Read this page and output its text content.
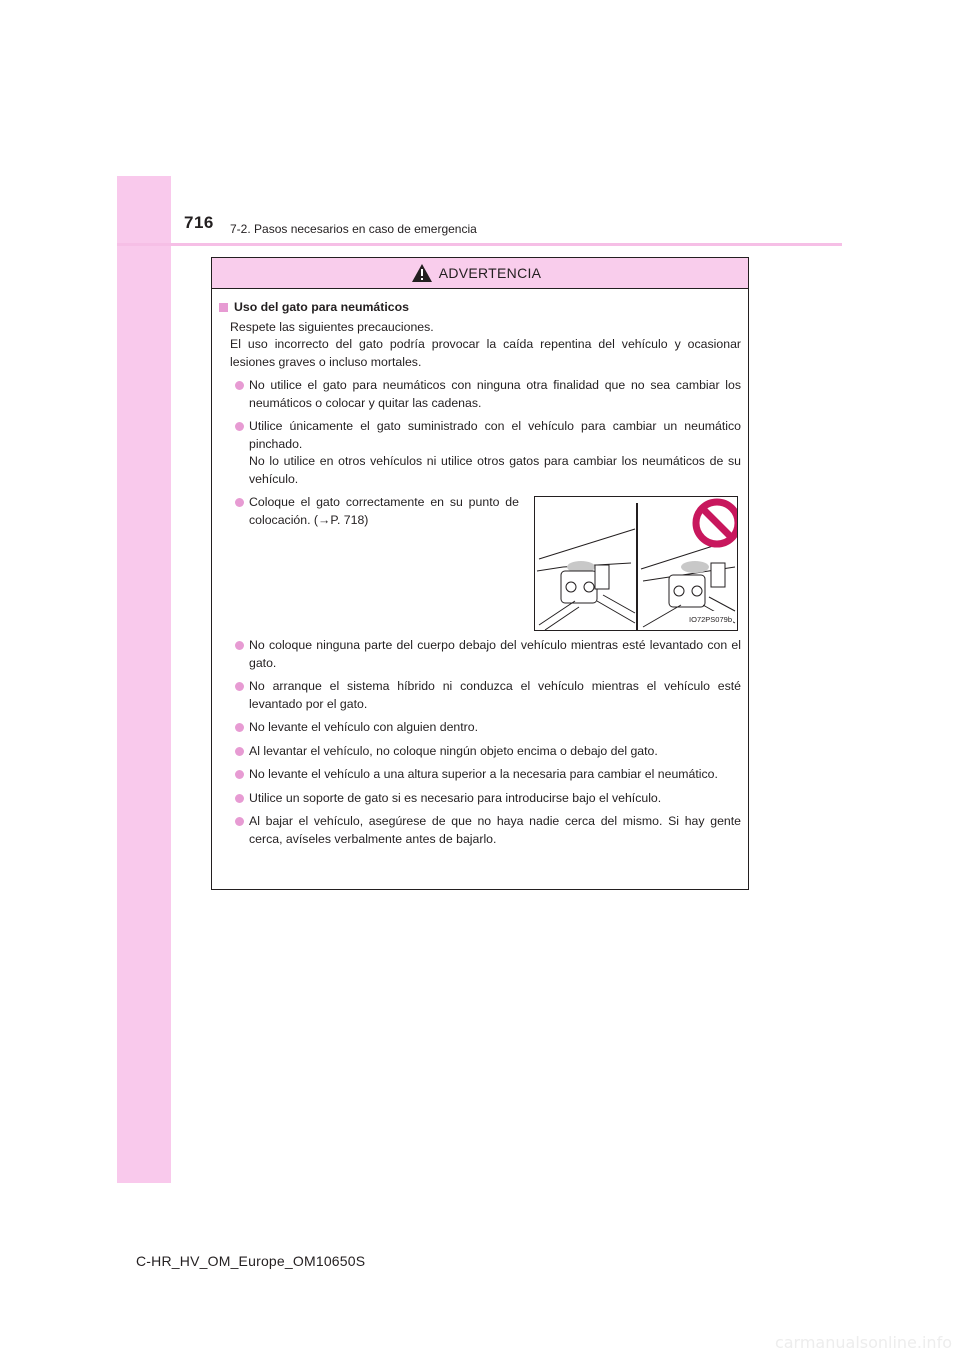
716 7-2. Pasos necesarios en caso de emergencia
ADVERTENCIA
Uso del gato para neumáticos
Respete las siguientes precauciones.
El uso incorrecto del gato podría provocar la caída repentina del vehículo y ocasionar lesiones graves o incluso mortales.
No utilice el gato para neumáticos con ninguna otra finalidad que no sea cambiar los neumáticos o colocar y quitar las cadenas.
Utilice únicamente el gato suministrado con el vehículo para cambiar un neumático pinchado.
No lo utilice en otros vehículos ni utilice otros gatos para cambiar los neumáticos de su vehículo.
Coloque el gato correctamente en su punto de colocación. (→P. 718)
IO72PS079b
No coloque ninguna parte del cuerpo debajo del vehículo mientras esté levantado con el gato.
No arranque el sistema híbrido ni conduzca el vehículo mientras el vehículo esté levantado por el gato.
No levante el vehículo con alguien dentro.
Al levantar el vehículo, no coloque ningún objeto encima o debajo del gato.
No levante el vehículo a una altura superior a la necesaria para cambiar el neumático.
Utilice un soporte de gato si es necesario para introducirse bajo el vehículo.
Al bajar el vehículo, asegúrese de que no haya nadie cerca del mismo. Si hay gente cerca, avíseles verbalmente antes de bajarlo.
C-HR_HV_OM_Europe_OM10650S
carmanualsonline.info
